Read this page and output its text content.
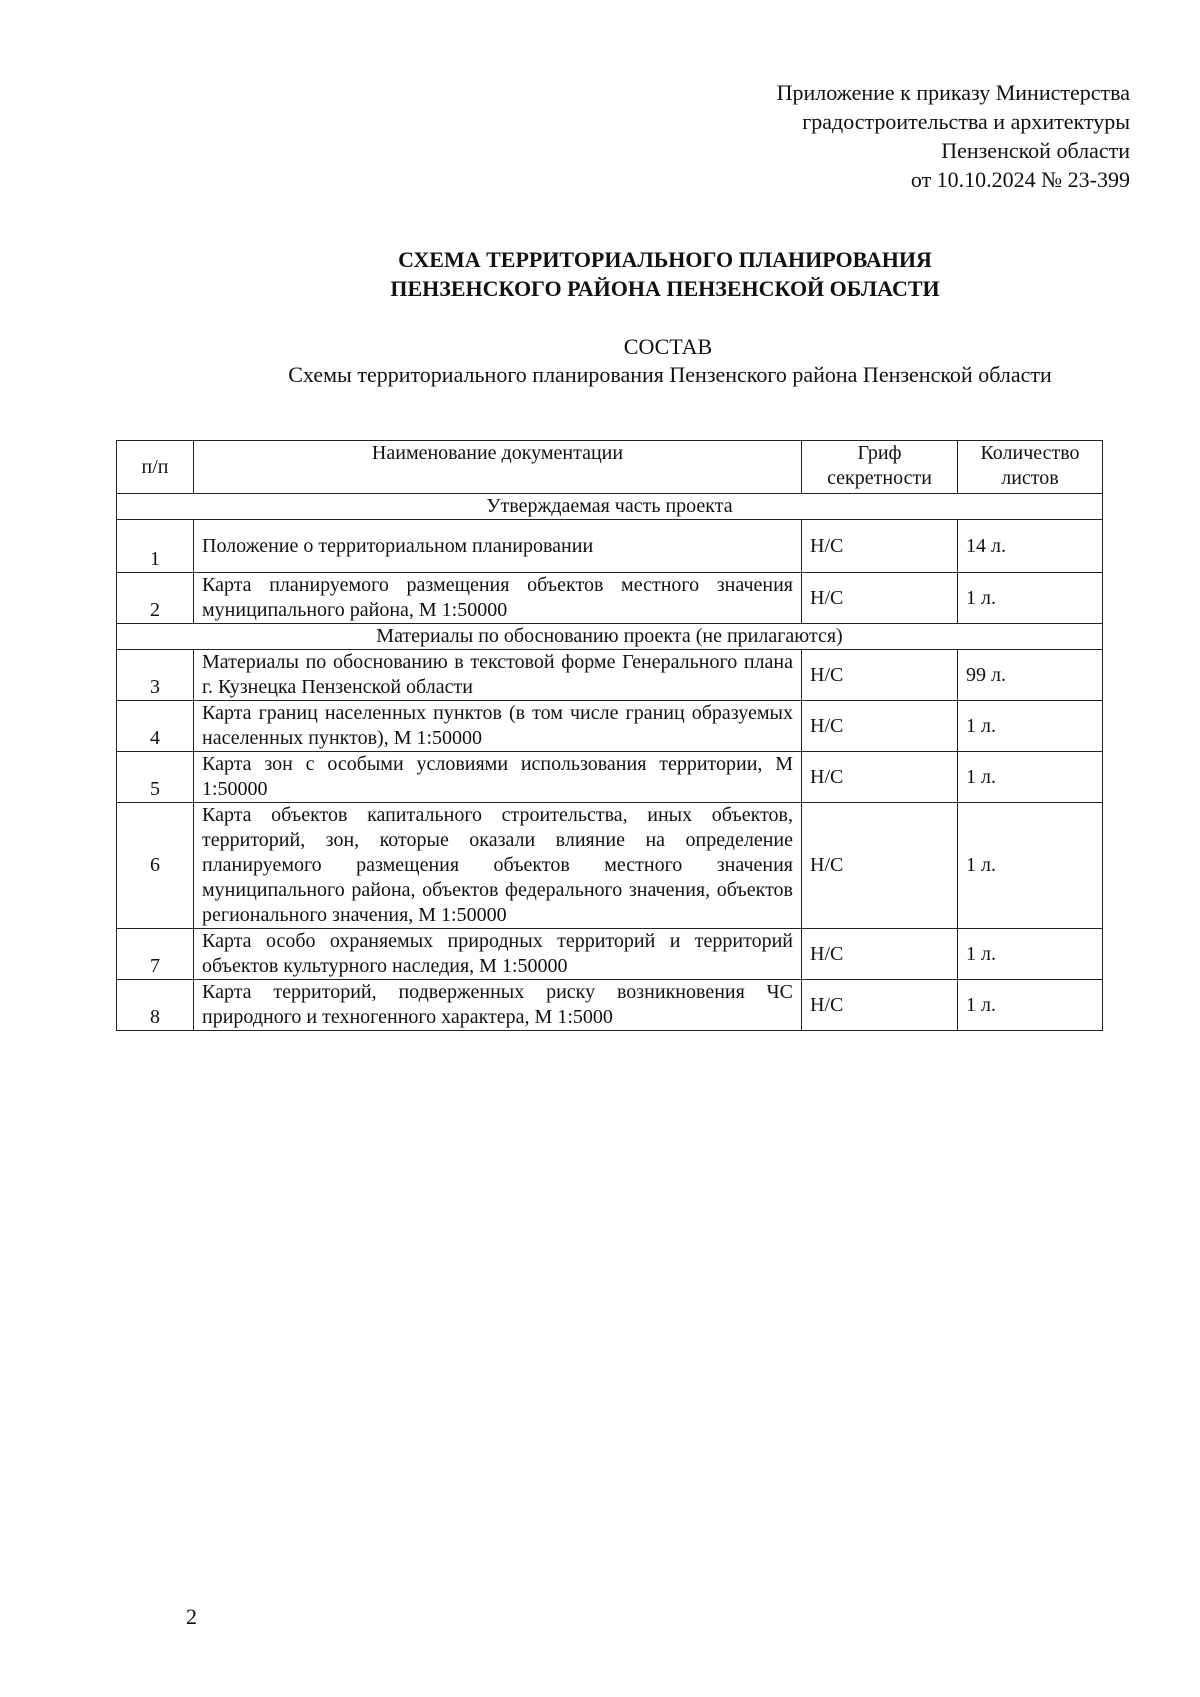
Приложение к приказу Министерства
градостроительства и архитектуры
Пензенской области
от 10.10.2024 № 23-399
СХЕМА ТЕРРИТОРИАЛЬНОГО ПЛАНИРОВАНИЯ
ПЕНЗЕНСКОГО РАЙОНА ПЕНЗЕНСКОЙ ОБЛАСТИ
СОСТАВ
Схемы территориального планирования Пензенского района Пензенской области
п/п	Наименование документации	Гриф секретности	Количество листов
Утверждаемая часть проекта			
1	Положение о территориальном планировании	Н/С	14 л.
2	Карта планируемого размещения объектов местного значения муниципального района, М 1:50000	Н/С	1 л.
Материалы по обоснованию проекта (не прилагаются)			
3	Материалы по обоснованию в текстовой форме Генерального плана г. Кузнецка Пензенской области	Н/С	99 л.
4	Карта границ населенных пунктов (в том числе границ образуемых населенных пунктов), М 1:50000	Н/С	1 л.
5	Карта зон с особыми условиями использования территории, М 1:50000	Н/С	1 л.
6	Карта объектов капитального строительства, иных объектов, территорий, зон, которые оказали влияние на определение планируемого размещения объектов местного значения муниципального района, объектов федерального значения, объектов регионального значения, М 1:50000	Н/С	1 л.
7	Карта особо охраняемых природных территорий и территорий объектов культурного наследия, М 1:50000	Н/С	1 л.
8	Карта территорий, подверженных риску возникновения ЧС природного и техногенного характера, М 1:5000	Н/С	1 л.
2
